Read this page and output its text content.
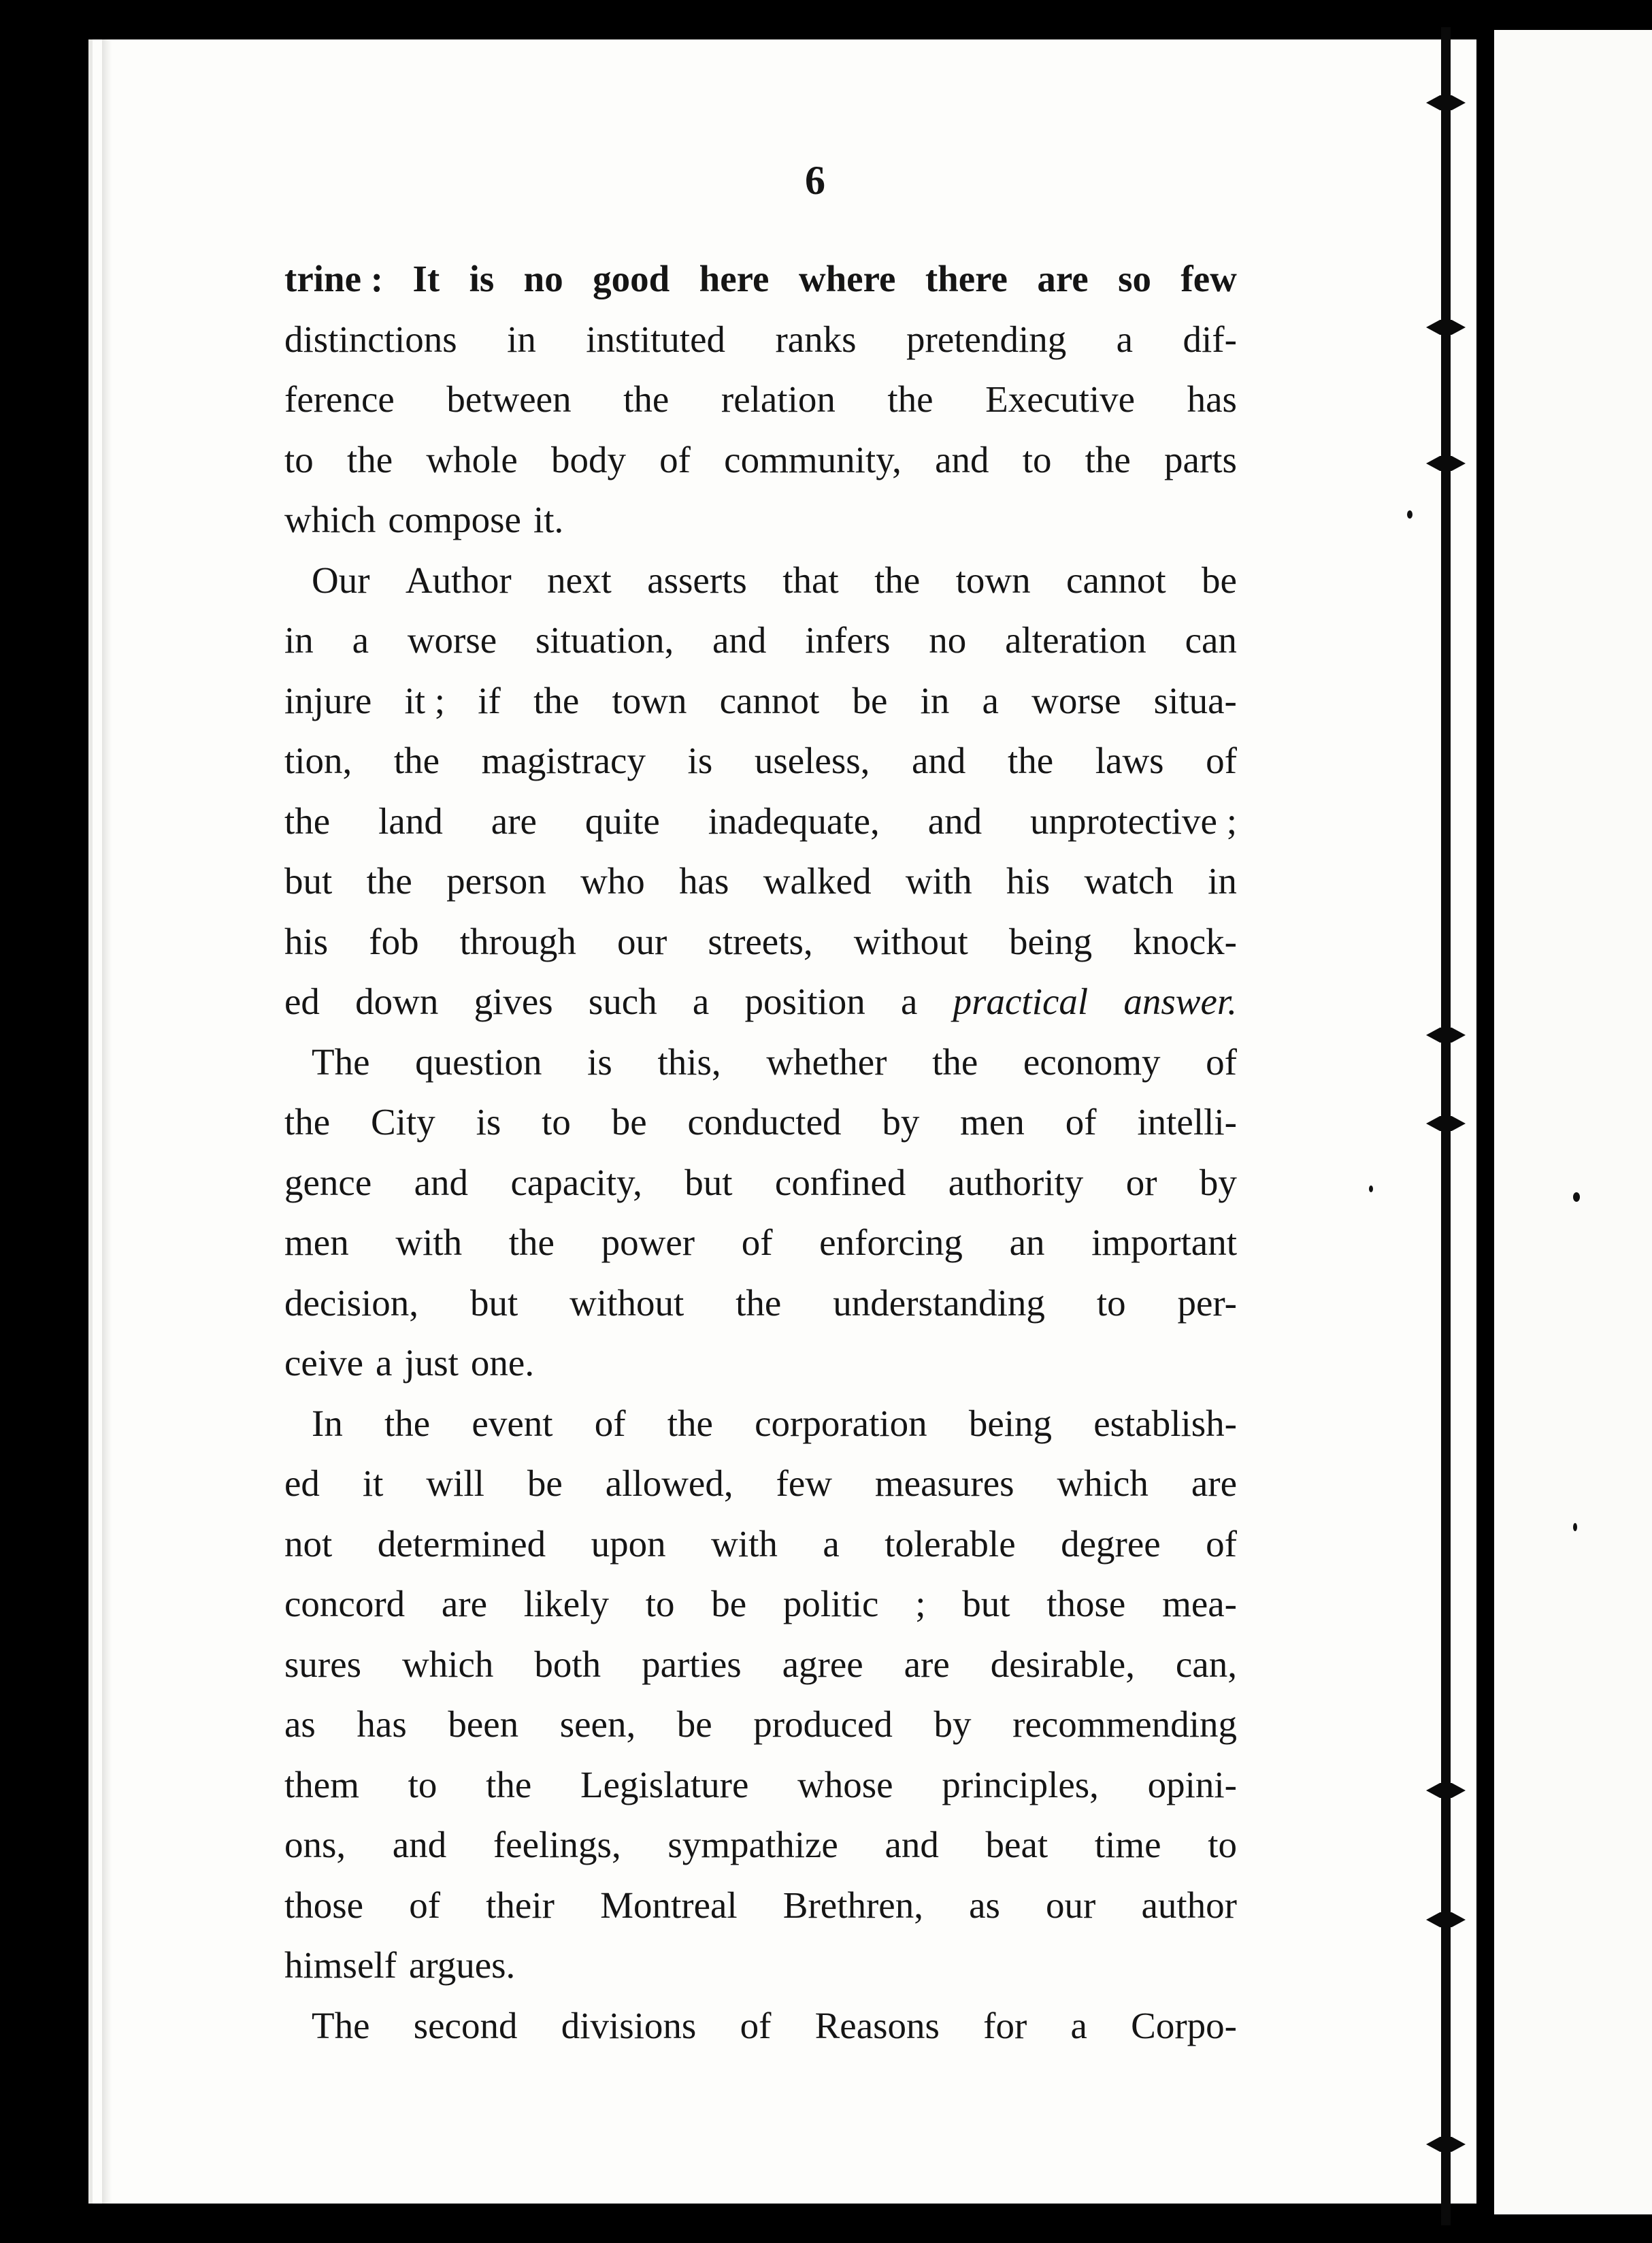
6
trine : It is no good here where there are so few
distinctions in instituted ranks pretending a dif-
ference between the relation the Executive has
to the whole body of community, and to the parts
which compose it.
Our Author next asserts that the town cannot be
in a worse situation, and infers no alteration can
injure it ; if the town cannot be in a worse situa-
tion, the magistracy is useless, and the laws of
the land are quite inadequate, and unprotective ;
but the person who has walked with his watch in
his fob through our streets, without being knock-
ed down gives such a position a practical answer.
The question is this, whether the economy of
the City is to be conducted by men of intelli-
gence and capacity, but confined authority or by
men with the power of enforcing an important
decision, but without the understanding to per-
ceive a just one.
In the event of the corporation being establish-
ed it will be allowed, few measures which are
not determined upon with a tolerable degree of
concord are likely to be politic ; but those mea-
sures which both parties agree are desirable, can,
as has been seen, be produced by recommending
them to the Legislature whose principles, opini-
ons, and feelings, sympathize and beat time to
those of their Montreal Brethren, as our author
himself argues.
The second divisions of Reasons for a Corpo-
